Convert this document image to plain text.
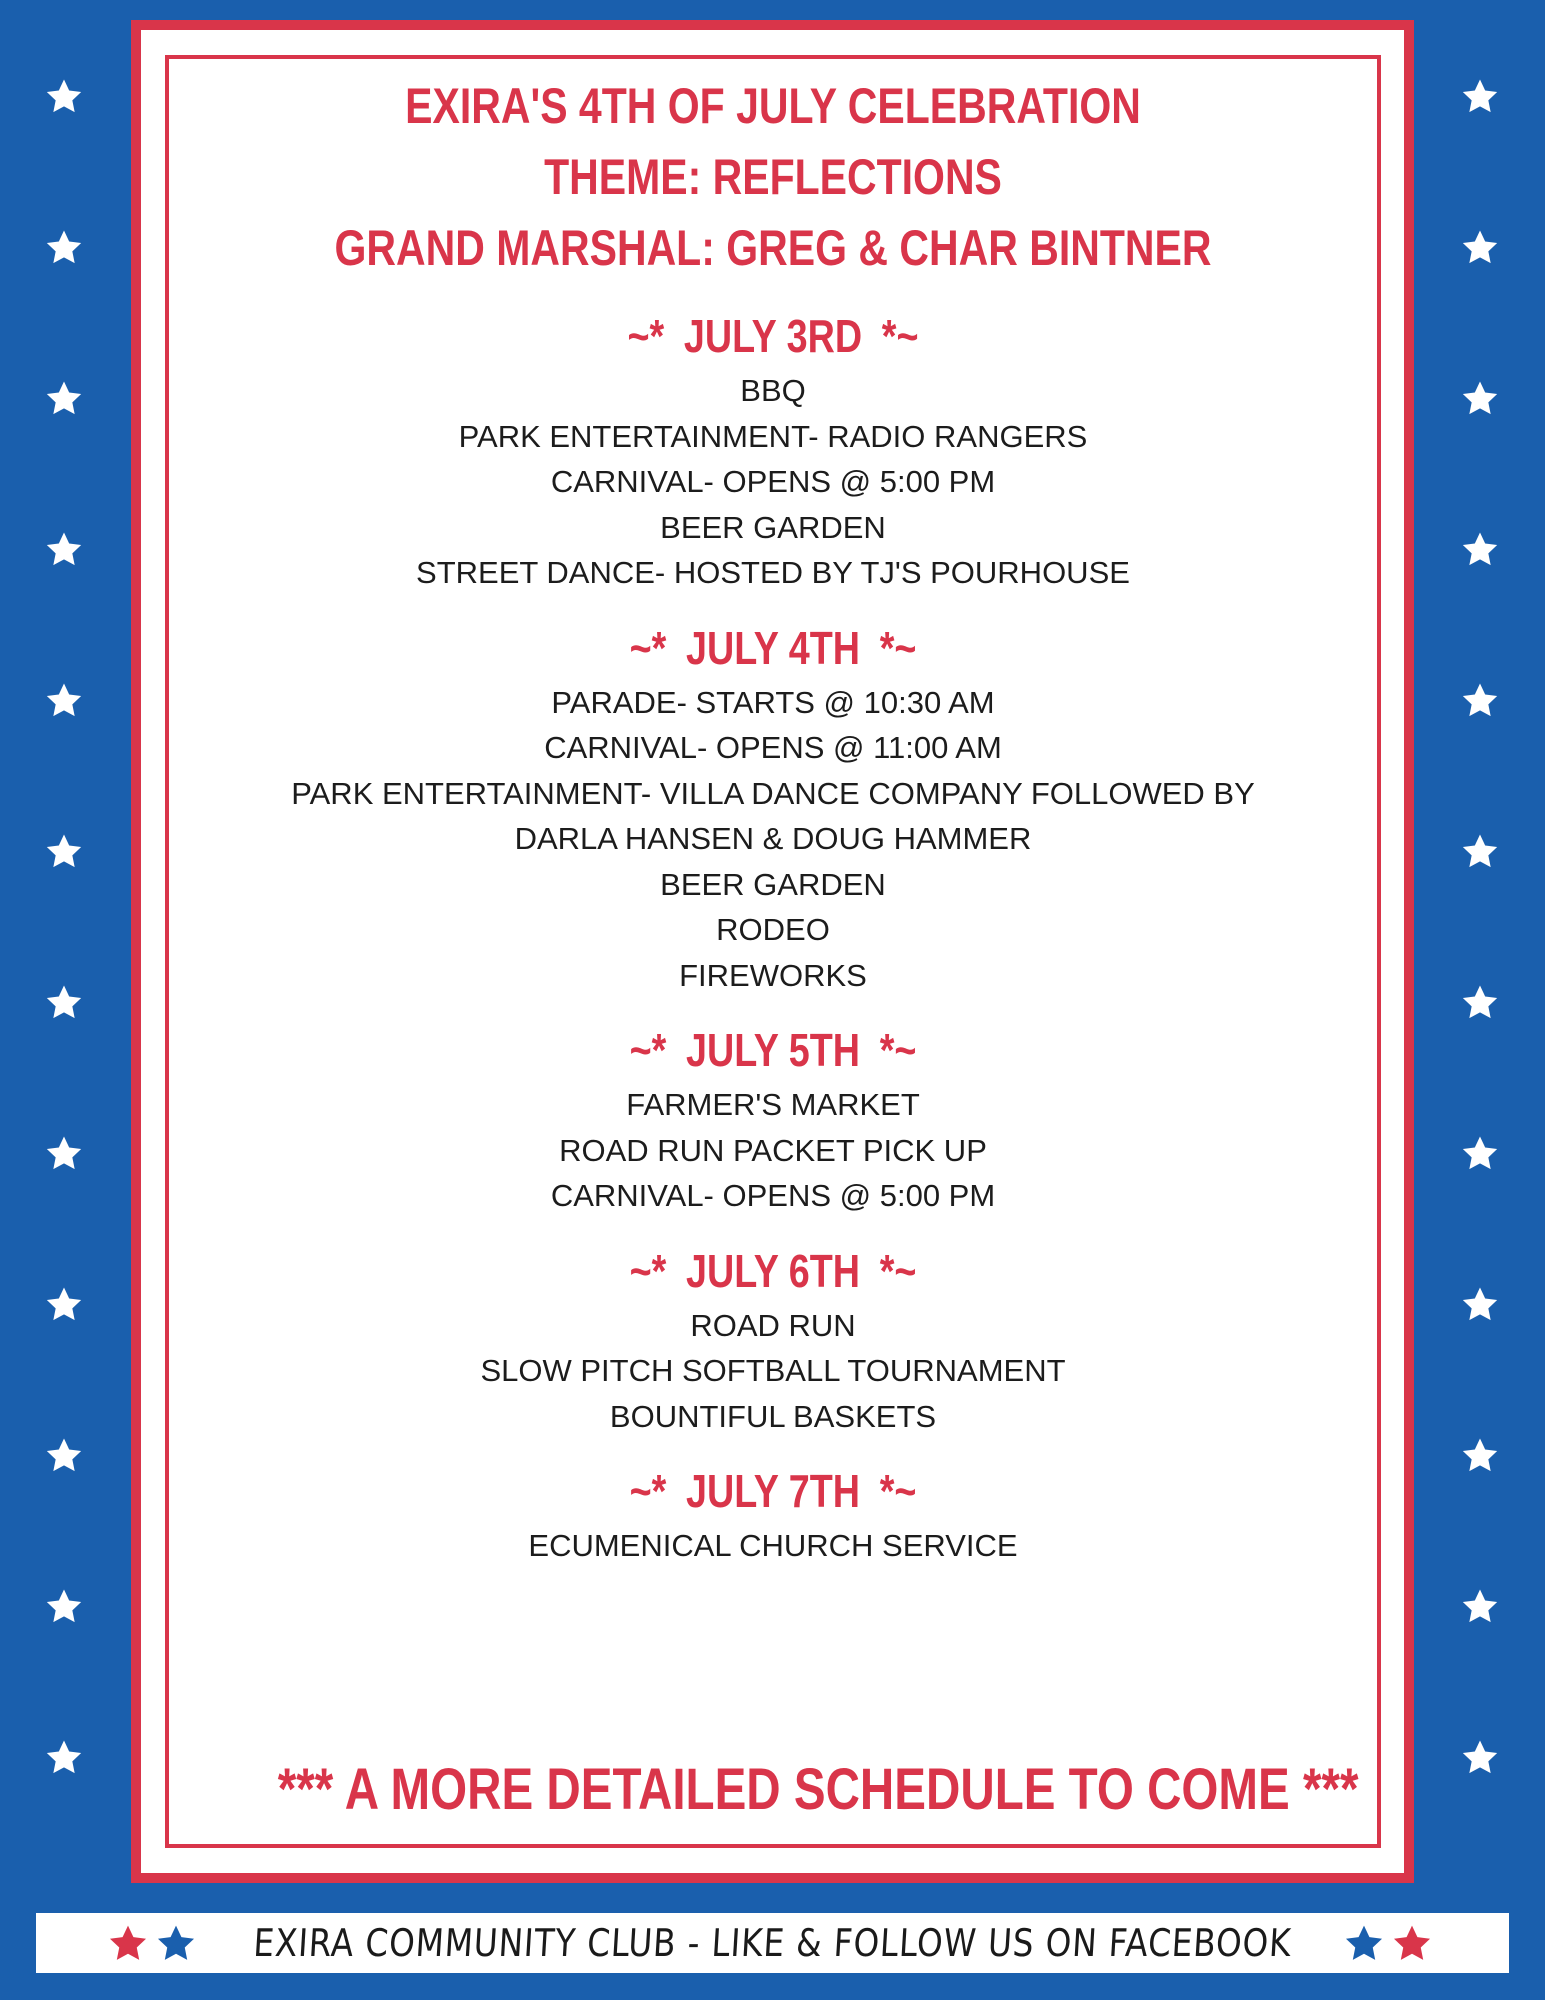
EXIRA'S 4TH OF JULY CELEBRATION
THEME: REFLECTIONS
GRAND MARSHAL: GREG & CHAR BINTNER
~* JULY 3RD *~
BBQ
PARK ENTERTAINMENT- RADIO RANGERS
CARNIVAL- OPENS @ 5:00 PM
BEER GARDEN
STREET DANCE- HOSTED BY TJ'S POURHOUSE
~* JULY 4TH *~
PARADE- STARTS @ 10:30 AM
CARNIVAL- OPENS @ 11:00 AM
PARK ENTERTAINMENT- VILLA DANCE COMPANY FOLLOWED BY
DARLA HANSEN & DOUG HAMMER
BEER GARDEN
RODEO
FIREWORKS
~* JULY 5TH *~
FARMER'S MARKET
ROAD RUN PACKET PICK UP
CARNIVAL- OPENS @ 5:00 PM
~* JULY 6TH *~
ROAD RUN
SLOW PITCH SOFTBALL TOURNAMENT
BOUNTIFUL BASKETS
~* JULY 7TH *~
ECUMENICAL CHURCH SERVICE
*** A MORE DETAILED SCHEDULE TO COME ***
EXIRA COMMUNITY CLUB - LIKE & FOLLOW US ON FACEBOOK
